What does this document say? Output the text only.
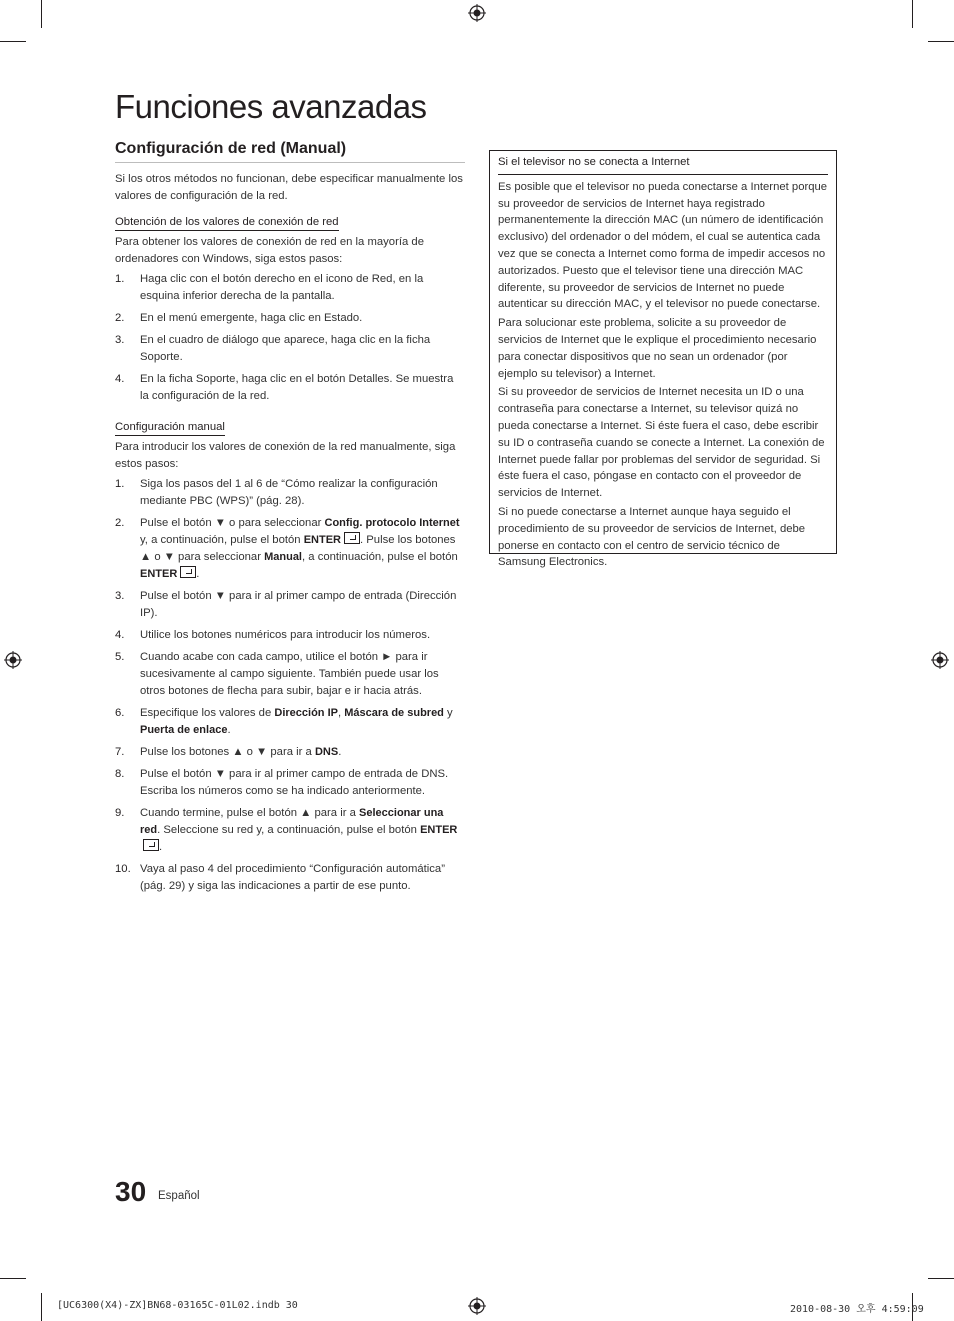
Funciones avanzadas
Configuración de red (Manual)

Si los otros métodos no funcionan, debe especificar manualmente los valores de configuración de la red.

Obtención de los valores de conexión de red

Para obtener los valores de conexión de red en la mayoría de ordenadores con Windows, siga estos pasos:

1. Haga clic con el botón derecho en el icono de Red, en la esquina inferior derecha de la pantalla.
2. En el menú emergente, haga clic en Estado.
3. En el cuadro de diálogo que aparece, haga clic en la ficha Soporte.
4. En la ficha Soporte, haga clic en el botón Detalles. Se muestra la configuración de la red.
Configuración manual

Para introducir los valores de conexión de la red manualmente, siga estos pasos:

1. Siga los pasos del 1 al 6 de “Cómo realizar la configuración mediante PBC (WPS)” (pág. 28).
2. Pulse el botón ▼ o para seleccionar Config. protocolo Internet y, a continuación, pulse el botón ENTER . Pulse los botones ▲ o ▼ para seleccionar Manual, a continuación, pulse el botón ENTER .
3. Pulse el botón ▼ para ir al primer campo de entrada (Dirección IP).
4. Utilice los botones numéricos para introducir los números.
5. Cuando acabe con cada campo, utilice el botón ► para ir sucesivamente al campo siguiente. También puede usar los otros botones de flecha para subir, bajar e ir hacia atrás.
6. Especifique los valores de Dirección IP, Máscara de subred y Puerta de enlace.
7. Pulse los botones ▲ o ▼ para ir a DNS.
8. Pulse el botón ▼ para ir al primer campo de entrada de DNS. Escriba los números como se ha indicado anteriormente.
9. Cuando termine, pulse el botón ▲ para ir a Seleccionar una red. Seleccione su red y, a continuación, pulse el botón ENTER.
10. Vaya al paso 4 del procedimiento “Configuración automática” (pág. 29) y siga las indicaciones a partir de ese punto.
Si el televisor no se conecta a Internet

Es posible que el televisor no pueda conectarse a Internet porque su proveedor de servicios de Internet haya registrado permanentemente la dirección MAC (un número de identificación exclusivo) del ordenador o del módem, el cual se autentica cada vez que se conecta a Internet como forma de impedir accesos no autorizados. Puesto que el televisor tiene una dirección MAC diferente, su proveedor de servicios de Internet no puede autenticar su dirección MAC, y el televisor no puede conectarse.

Para solucionar este problema, solicite a su proveedor de servicios de Internet que le explique el procedimiento necesario para conectar dispositivos que no sean un ordenador (por ejemplo su televisor) a Internet.

Si su proveedor de servicios de Internet necesita un ID o una contraseña para conectarse a Internet, su televisor quizá no pueda conectarse a Internet. Si éste fuera el caso, debe escribir su ID o contraseña cuando se conecte a Internet. La conexión de Internet puede fallar por problemas del servidor de seguridad. Si éste fuera el caso, póngase en contacto con el proveedor de servicios de Internet.

Si no puede conectarse a Internet aunque haya seguido el procedimiento de su proveedor de servicios de Internet, debe ponerse en contacto con el centro de servicio técnico de Samsung Electronics.

30 Español
[UC6300(X4)-ZX]BN68-03165C-01L02.indb 30	2010-08-30 오후 4:59:09
